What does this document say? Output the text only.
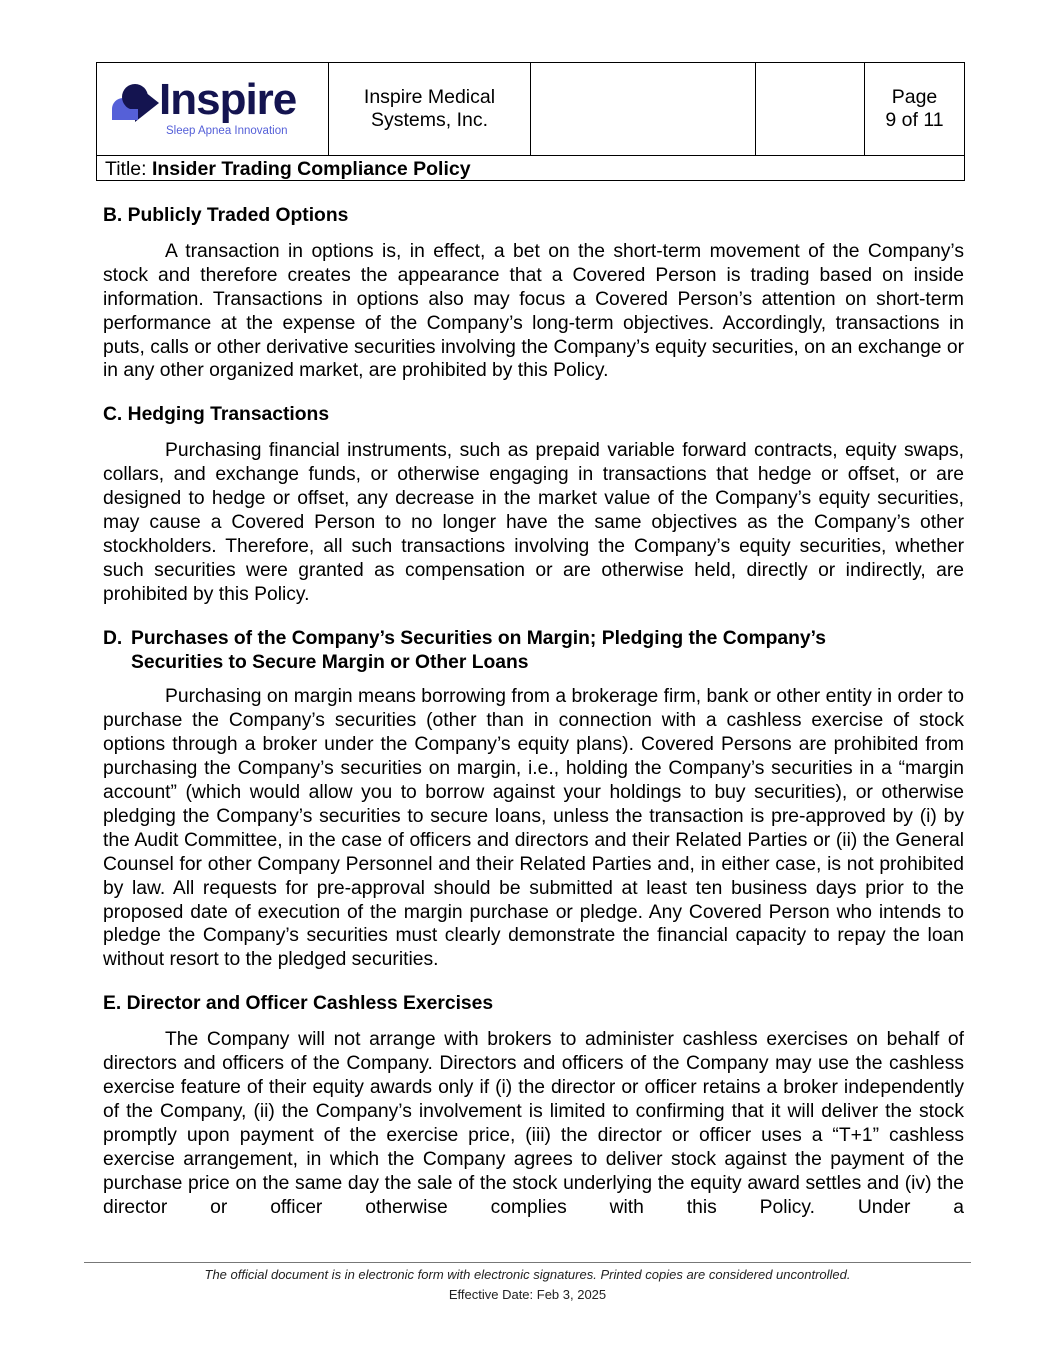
Inspire
Sleep Apnea Innovation
Inspire Medical
Systems, Inc.
Page
9 of 11
Title: Insider Trading Compliance Policy

B. Publicly Traded Options

A transaction in options is, in effect, a bet on the short-term movement of the Company’s stock and therefore creates the appearance that a Covered Person is trading based on inside information. Transactions in options also may focus a Covered Person’s attention on short-term performance at the expense of the Company’s long-term objectives. Accordingly, transactions in puts, calls or other derivative securities involving the Company’s equity securities, on an exchange or in any other organized market, are prohibited by this Policy.

C. Hedging Transactions

Purchasing financial instruments, such as prepaid variable forward contracts, equity swaps, collars, and exchange funds, or otherwise engaging in transactions that hedge or offset, or are designed to hedge or offset, any decrease in the market value of the Company’s equity securities, may cause a Covered Person to no longer have the same objectives as the Company’s other stockholders. Therefore, all such transactions involving the Company’s equity securities, whether such securities were granted as compensation or are otherwise held, directly or indirectly, are prohibited by this Policy.

D. Purchases of the Company’s Securities on Margin; Pledging the Company’s Securities to Secure Margin or Other Loans

Purchasing on margin means borrowing from a brokerage firm, bank or other entity in order to purchase the Company’s securities (other than in connection with a cashless exercise of stock options through a broker under the Company’s equity plans). Covered Persons are prohibited from purchasing the Company’s securities on margin, i.e., holding the Company’s securities in a “margin account” (which would allow you to borrow against your holdings to buy securities), or otherwise pledging the Company’s securities to secure loans, unless the transaction is pre-approved by (i) by the Audit Committee, in the case of officers and directors and their Related Parties or (ii) the General Counsel for other Company Personnel and their Related Parties and, in either case, is not prohibited by law. All requests for pre-approval should be submitted at least ten business days prior to the proposed date of execution of the margin purchase or pledge. Any Covered Person who intends to pledge the Company’s securities must clearly demonstrate the financial capacity to repay the loan without resort to the pledged securities.

E. Director and Officer Cashless Exercises

The Company will not arrange with brokers to administer cashless exercises on behalf of directors and officers of the Company. Directors and officers of the Company may use the cashless exercise feature of their equity awards only if (i) the director or officer retains a broker independently of the Company, (ii) the Company’s involvement is limited to confirming that it will deliver the stock promptly upon payment of the exercise price, (iii) the director or officer uses a “T+1” cashless exercise arrangement, in which the Company agrees to deliver stock against the payment of the purchase price on the same day the sale of the stock underlying the equity award settles and (iv) the director or officer otherwise complies with this Policy. Under a

The official document is in electronic form with electronic signatures. Printed copies are considered uncontrolled.
Effective Date: Feb 3, 2025
